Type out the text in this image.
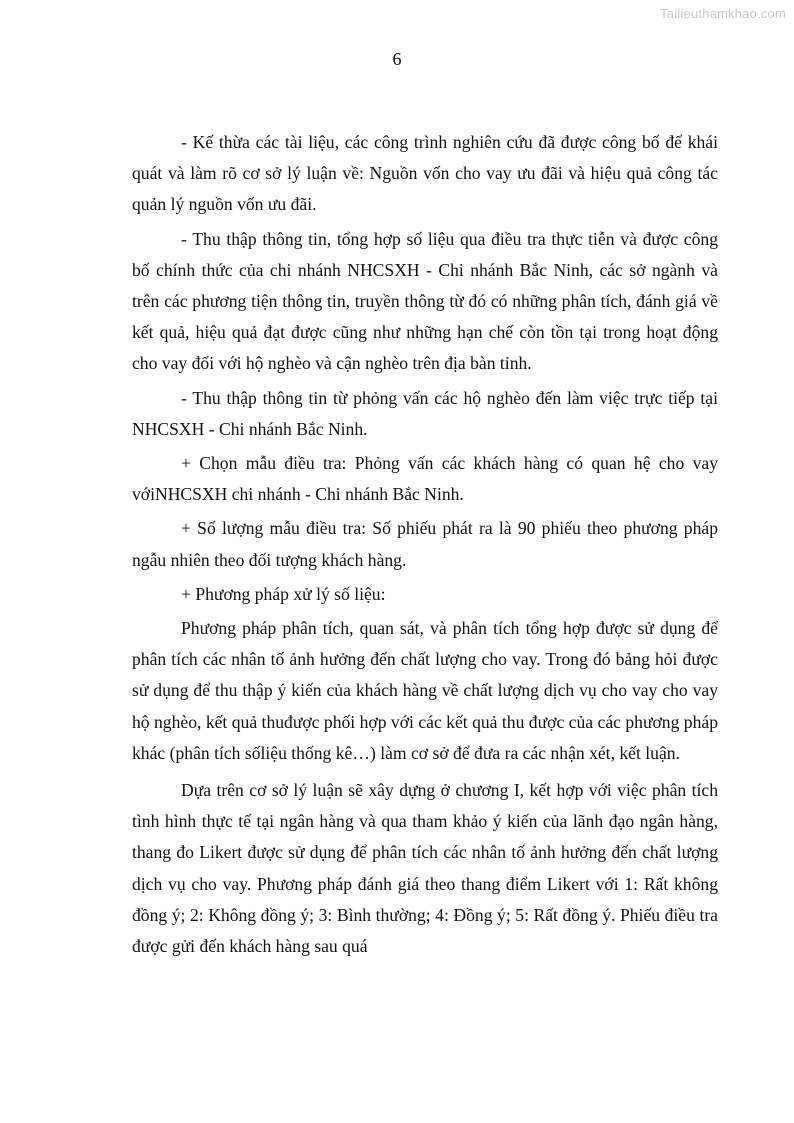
Tailieuthamkhao.com
6

- Kế thừa các tài liệu, các công trình nghiên cứu đã được công bố để khái quát và làm rõ cơ sở lý luận về: Nguồn vốn cho vay ưu đãi và hiệu quả công tác quản lý nguồn vốn ưu đãi.

- Thu thập thông tin, tổng hợp số liệu qua điều tra thực tiễn và được công bố chính thức của chi nhánh NHCSXH - Chi nhánh Bắc Ninh, các sở ngành và trên các phương tiện thông tin, truyền thông từ đó có những phân tích, đánh giá về kết quả, hiệu quả đạt được cũng như những hạn chế còn tồn tại trong hoạt động cho vay đối với hộ nghèo và cận nghèo trên địa bàn tỉnh.

- Thu thập thông tin từ phỏng vấn các hộ nghèo đến làm việc trực tiếp tại NHCSXH - Chi nhánh Bắc Ninh.

+ Chọn mẫu điều tra: Phỏng vấn các khách hàng có quan hệ cho vay vớiNHCSXH chi nhánh - Chi nhánh Bắc Ninh.

+ Số lượng mẫu điều tra: Số phiếu phát ra là 90 phiếu theo phương pháp ngẫu nhiên theo đối tượng khách hàng.

+ Phương pháp xử lý số liệu:

Phương pháp phân tích, quan sát, và phân tích tổng hợp được sử dụng để phân tích các nhân tố ảnh hưởng đến chất lượng cho vay. Trong đó bảng hỏi được sử dụng để thu thập ý kiến của khách hàng về chất lượng dịch vụ cho vay cho vay hộ nghèo, kết quả thuđược phối hợp với các kết quả thu được của các phương pháp khác (phân tích sốliệu thống kê…) làm cơ sở để đưa ra các nhận xét, kết luận.

Dựa trên cơ sở lý luận sẽ xây dựng ở chương I, kết hợp với việc phân tích tình hình thực tế tại ngân hàng và qua tham khảo ý kiến của lãnh đạo ngân hàng, thang đo Likert được sử dụng để phân tích các nhân tố ảnh hưởng đến chất lượng dịch vụ cho vay. Phương pháp đánh giá theo thang điểm Likert với 1: Rất không đồng ý; 2: Không đồng ý; 3: Bình thường; 4: Đồng ý; 5: Rất đồng ý. Phiếu điều tra được gửi đến khách hàng sau quá
